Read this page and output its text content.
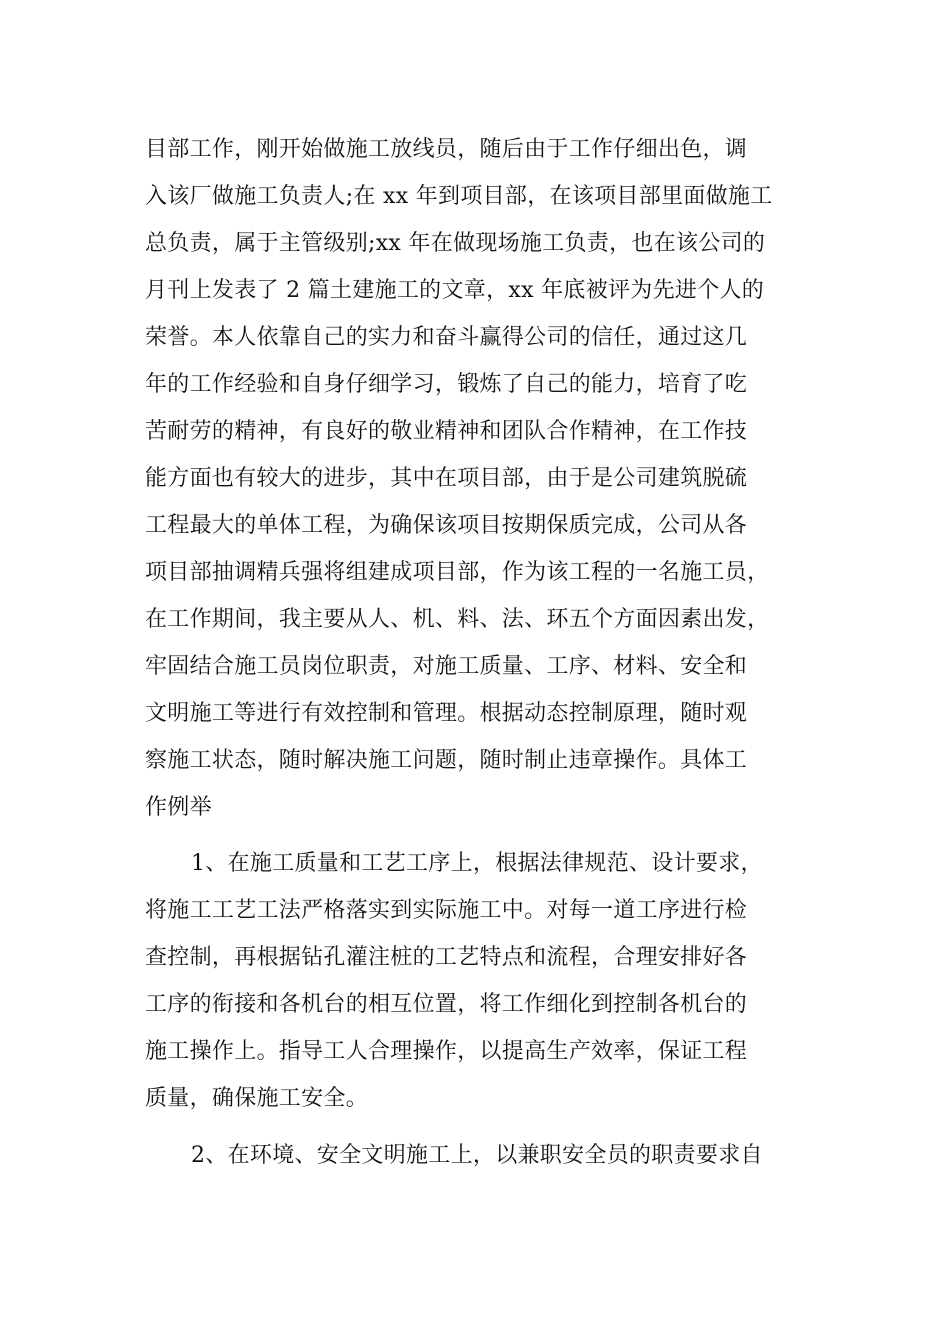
目部工作，刚开始做施工放线员，随后由于工作仔细出色，调
入该厂做施工负责人;在 xx 年到项目部，在该项目部里面做施工
总负责，属于主管级别;xx 年在做现场施工负责，也在该公司的
月刊上发表了 2 篇土建施工的文章，xx 年底被评为先进个人的
荣誉。本人依靠自己的实力和奋斗赢得公司的信任，通过这几
年的工作经验和自身仔细学习，锻炼了自己的能力，培育了吃
苦耐劳的精神，有良好的敬业精神和团队合作精神，在工作技
能方面也有较大的进步，其中在项目部，由于是公司建筑脱硫
工程最大的单体工程，为确保该项目按期保质完成，公司从各
项目部抽调精兵强将组建成项目部，作为该工程的一名施工员，
在工作期间，我主要从人、机、料、法、环五个方面因素出发，
牢固结合施工员岗位职责，对施工质量、工序、材料、安全和
文明施工等进行有效控制和管理。根据动态控制原理，随时观
察施工状态，随时解决施工问题，随时制止违章操作。具体工
作例举
1、在施工质量和工艺工序上，根据法律规范、设计要求，
将施工工艺工法严格落实到实际施工中。对每一道工序进行检
查控制，再根据钻孔灌注桩的工艺特点和流程，合理安排好各
工序的衔接和各机台的相互位置，将工作细化到控制各机台的
施工操作上。指导工人合理操作，以提高生产效率，保证工程
质量，确保施工安全。
2、在环境、安全文明施工上，以兼职安全员的职责要求自
